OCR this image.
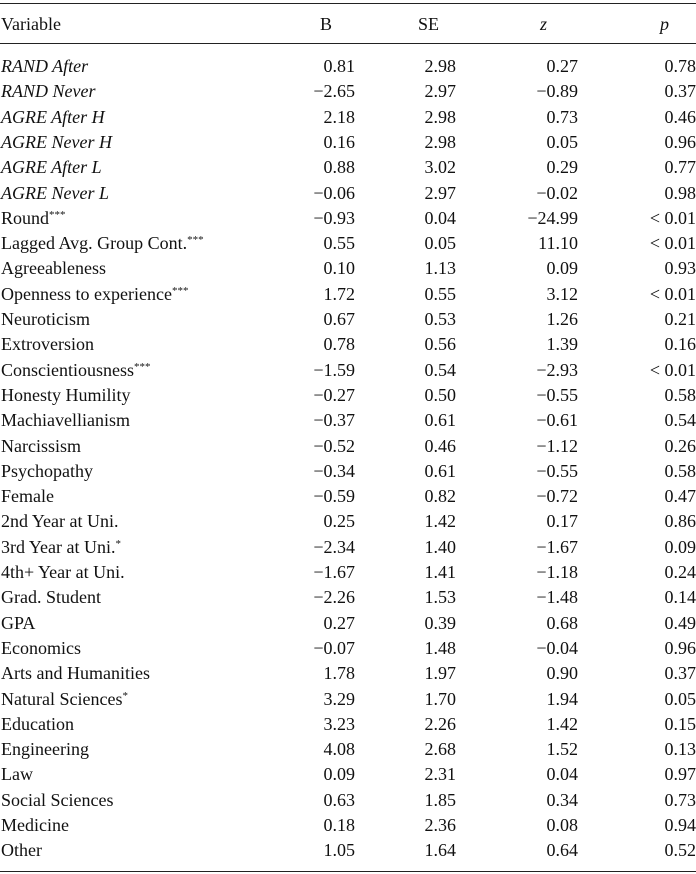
Variable	B	SE	z	p
RAND After	0.81	2.98	0.27	0.78
RAND Never	−2.65	2.97	−0.89	0.37
AGRE After H	2.18	2.98	0.73	0.46
AGRE Never H	0.16	2.98	0.05	0.96
AGRE After L	0.88	3.02	0.29	0.77
AGRE Never L	−0.06	2.97	−0.02	0.98
Round***	−0.93	0.04	−24.99	< 0.01
Lagged Avg. Group Cont.***	0.55	0.05	11.10	< 0.01
Agreeableness	0.10	1.13	0.09	0.93
Openness to experience***	1.72	0.55	3.12	< 0.01
Neuroticism	0.67	0.53	1.26	0.21
Extroversion	0.78	0.56	1.39	0.16
Conscientiousness***	−1.59	0.54	−2.93	< 0.01
Honesty Humility	−0.27	0.50	−0.55	0.58
Machiavellianism	−0.37	0.61	−0.61	0.54
Narcissism	−0.52	0.46	−1.12	0.26
Psychopathy	−0.34	0.61	−0.55	0.58
Female	−0.59	0.82	−0.72	0.47
2nd Year at Uni.	0.25	1.42	0.17	0.86
3rd Year at Uni.*	−2.34	1.40	−1.67	0.09
4th+ Year at Uni.	−1.67	1.41	−1.18	0.24
Grad. Student	−2.26	1.53	−1.48	0.14
GPA	0.27	0.39	0.68	0.49
Economics	−0.07	1.48	−0.04	0.96
Arts and Humanities	1.78	1.97	0.90	0.37
Natural Sciences*	3.29	1.70	1.94	0.05
Education	3.23	2.26	1.42	0.15
Engineering	4.08	2.68	1.52	0.13
Law	0.09	2.31	0.04	0.97
Social Sciences	0.63	1.85	0.34	0.73
Medicine	0.18	2.36	0.08	0.94
Other	1.05	1.64	0.64	0.52
